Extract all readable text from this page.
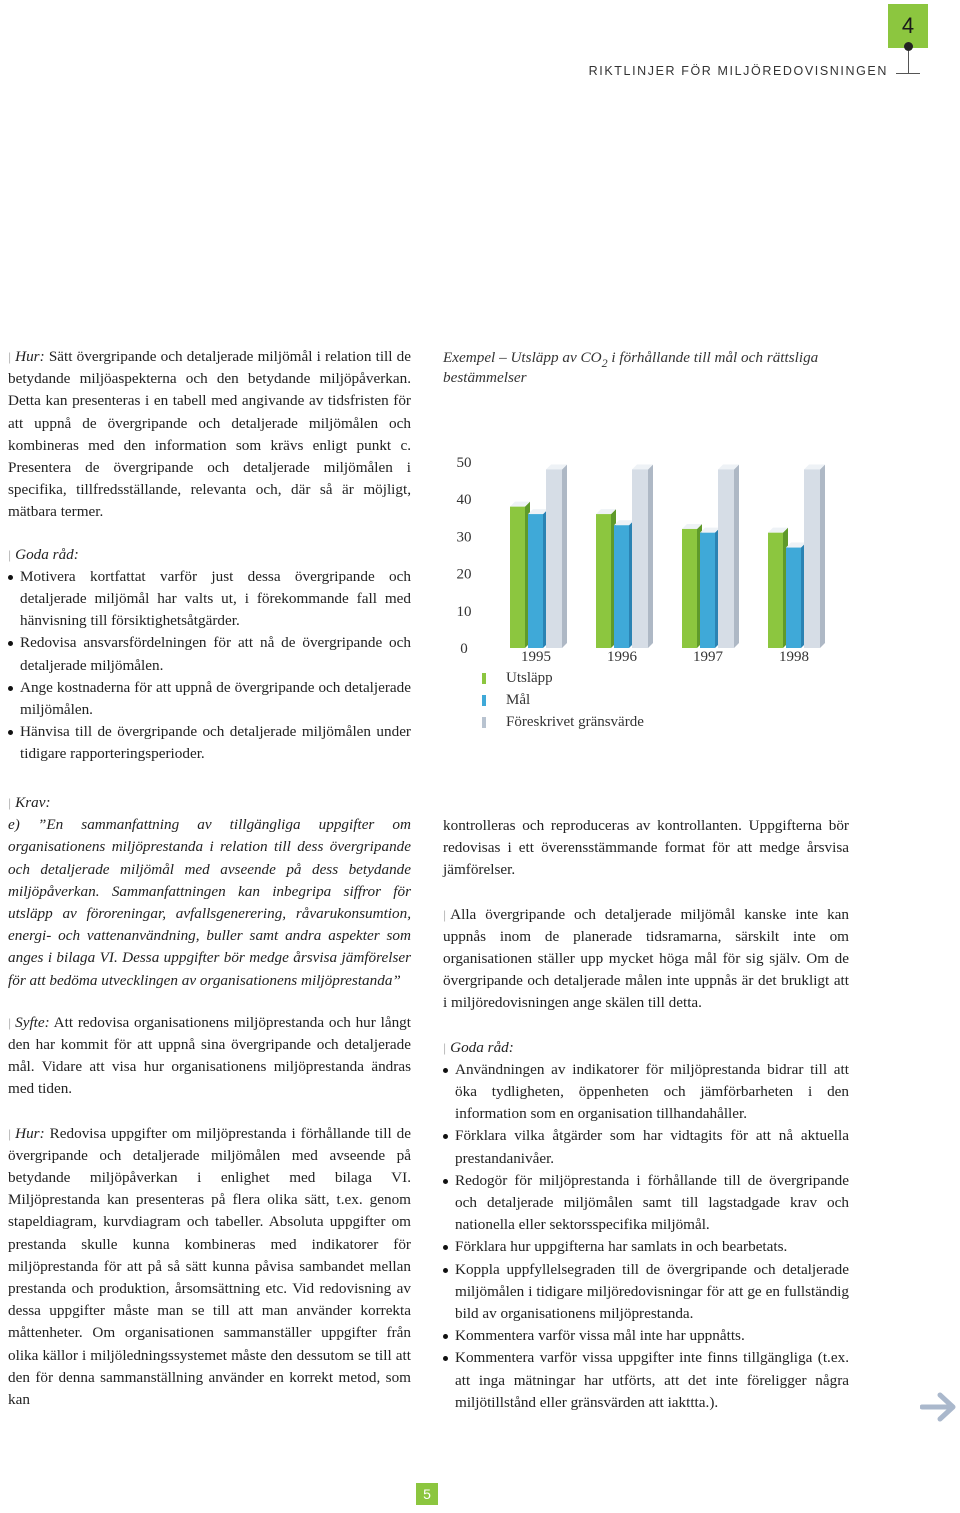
4
RIKTLINJER FÖR MILJÖREDOVISNINGEN

| Hur: Sätt övergripande och detaljerade miljömål i relation till de betydande miljöaspekterna och den betydande miljöpåverkan. Detta kan presenteras i en tabell med angivande av tidsfristen för att uppnå de övergripande och detaljerade miljömålen och kombineras med den information som krävs enligt punkt c. Presentera de övergripande och detaljerade miljömålen i specifika, tillfredsställande, relevanta och, där så är möjligt, mätbara termer.

| Goda råd:

Motivera kortfattat varför just dessa övergripande och detaljerade miljömål har valts ut, i förekommande fall med hänvisning till försiktighetsåtgärder.
Redovisa ansvarsfördelningen för att nå de övergripande och detaljerade miljömålen.
Ange kostnaderna för att uppnå de övergripande och detaljerade miljömålen.
Hänvisa till de övergripande och detaljerade miljömålen under tidigare rapporteringsperioder.
Exempel – Utsläpp av $CO_2$ i förhållande till mål och rättsliga bestämmelser
50
40
30
20
10
0	1995	1996	1997	1998
Utsläpp
Mål
Föreskrivet gränsvärde

| Krav:

e) ”En sammanfattning av tillgängliga uppgifter om organisationens miljöprestanda i relation till dess övergripande och detaljerade miljömål med avseende på dess betydande miljöpåverkan. Sammanfattningen kan inbegripa siffror för utsläpp av föroreningar, avfallsgenerering, råvarukonsumtion, energi- och vattenanvändning, buller samt andra aspekter som anges i bilaga VI. Dessa uppgifter bör medge årsvisa jämförelser för att bedöma utvecklingen av organisationens miljöprestanda”

| Syfte: Att redovisa organisationens miljöprestanda och hur långt den har kommit för att uppnå sina övergripande och detaljerade mål. Vidare att visa hur organisationens miljöprestanda ändras med tiden.

| Hur: Redovisa uppgifter om miljöprestanda i förhållande till de övergripande och detaljerade miljömålen med avseende på betydande miljöpåverkan i enlighet med bilaga VI. Miljöprestanda kan presenteras på flera olika sätt, t.ex. genom stapeldiagram, kurvdiagram och tabeller. Absoluta uppgifter om prestanda skulle kunna kombineras med indikatorer för miljöprestanda för att på så sätt kunna påvisa sambandet mellan prestanda och produktion, årsomsättning etc. Vid redovisning av dessa uppgifter måste man se till att man använder korrekta måttenheter. Om organisationen sammanställer uppgifter från olika källor i miljöledningssystemet måste den dessutom se till att den för denna sammanställning använder en korrekt metod, som kan

kontrolleras och reproduceras av kontrollanten. Uppgifterna bör redovisas i ett överensstämmande format för att medge årsvisa jämförelser.

| Alla övergripande och detaljerade miljömål kanske inte kan uppnås inom de planerade tidsramarna, särskilt inte om organisationen ställer upp mycket höga mål för sig själv. Om de övergripande och detaljerade målen inte uppnås är det brukligt att i miljöredovisningen ange skälen till detta.

| Goda råd:

Användningen av indikatorer för miljöprestanda bidrar till att öka tydligheten, öppenheten och jämförbarheten i den information som en organisation tillhandahåller.
Förklara vilka åtgärder som har vidtagits för att nå aktuella prestandanivåer.
Redogör för miljöprestanda i förhållande till de övergripande och detaljerade miljömålen samt till lagstadgade krav och nationella eller sektorsspecifika miljömål.
Förklara hur uppgifterna har samlats in och bearbetats.
Koppla uppfyllelsegraden till de övergripande och detaljerade miljömålen i tidigare miljöredovisningar för att ge en fullständig bild av organisationens miljöprestanda.
Kommentera varför vissa mål inte har uppnåtts.
Kommentera varför vissa uppgifter inte finns tillgängliga (t.ex. att inga mätningar har utförts, att det inte föreligger några miljötillstånd eller gränsvärden att iakttta.).
5
